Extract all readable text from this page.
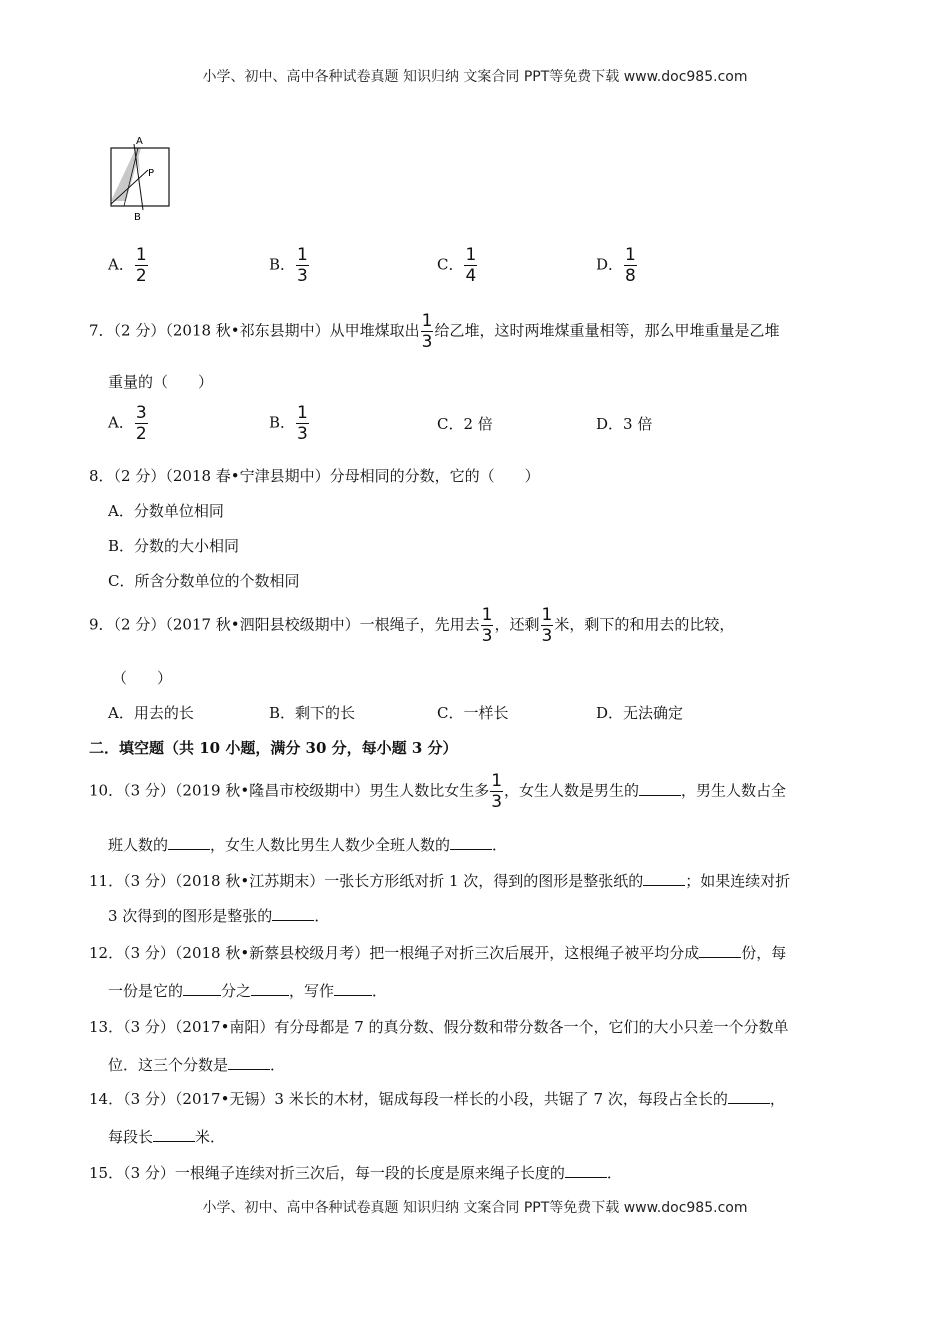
小学、初中、高中各种试卷真题 知识归纳 文案合同 PPT等免费下载 www.doc985.com
A
P
B
A． $\frac{1}{2}$	B． $\frac{1}{3}$	C． $\frac{1}{4}$	D． $\frac{1}{8}$
7．（2 分）（2018 秋•祁东县期中）从甲堆煤取出 $\frac{1}{3}$ 给乙堆，这时两堆煤重量相等，那么甲堆重量是乙堆
重量的（　　）
A． $\frac{3}{2}$	B． $\frac{1}{3}$	C．2 倍	D．3 倍
8．（2 分）（2018 春•宁津县期中）分母相同的分数，它的（　　）
A．分数单位相同
B．分数的大小相同
C．所含分数单位的个数相同
9．（2 分）（2017 秋•泗阳县校级期中）一根绳子，先用去 $\frac{1}{3}$ ，还剩 $\frac{1}{3}$ 米，剩下的和用去的比较，
（　　）
A．用去的长	B．剩下的长	C．一样长	D．无法确定
二．填空题（共 10 小题，满分 30 分，每小题 3 分）
10．（3 分）（2019 秋•隆昌市校级期中）男生人数比女生多 $\frac{1}{3}$ ，女生人数是男生的	，男生人数占全
班人数的	，女生人数比男生人数少全班人数的	．
11．（3 分）（2018 秋•江苏期末）一张长方形纸对折 1 次，得到的图形是整张纸的	；如果连续对折
3 次得到的图形是整张的	．
12．（3 分）（2018 秋•新蔡县校级月考）把一根绳子对折三次后展开，这根绳子被平均分成	份，每
一份是它的	分之	，写作	．
13．（3 分）（2017•南阳）有分母都是 7 的真分数、假分数和带分数各一个，它们的大小只差一个分数单
位．这三个分数是	．
14．（3 分）（2017•无锡）3 米长的木材，锯成每段一样长的小段，共锯了 7 次，每段占全长的	，
每段长	米．
15．（3 分）一根绳子连续对折三次后，每一段的长度是原来绳子长度的	．
小学、初中、高中各种试卷真题 知识归纳 文案合同 PPT等免费下载 www.doc985.com
